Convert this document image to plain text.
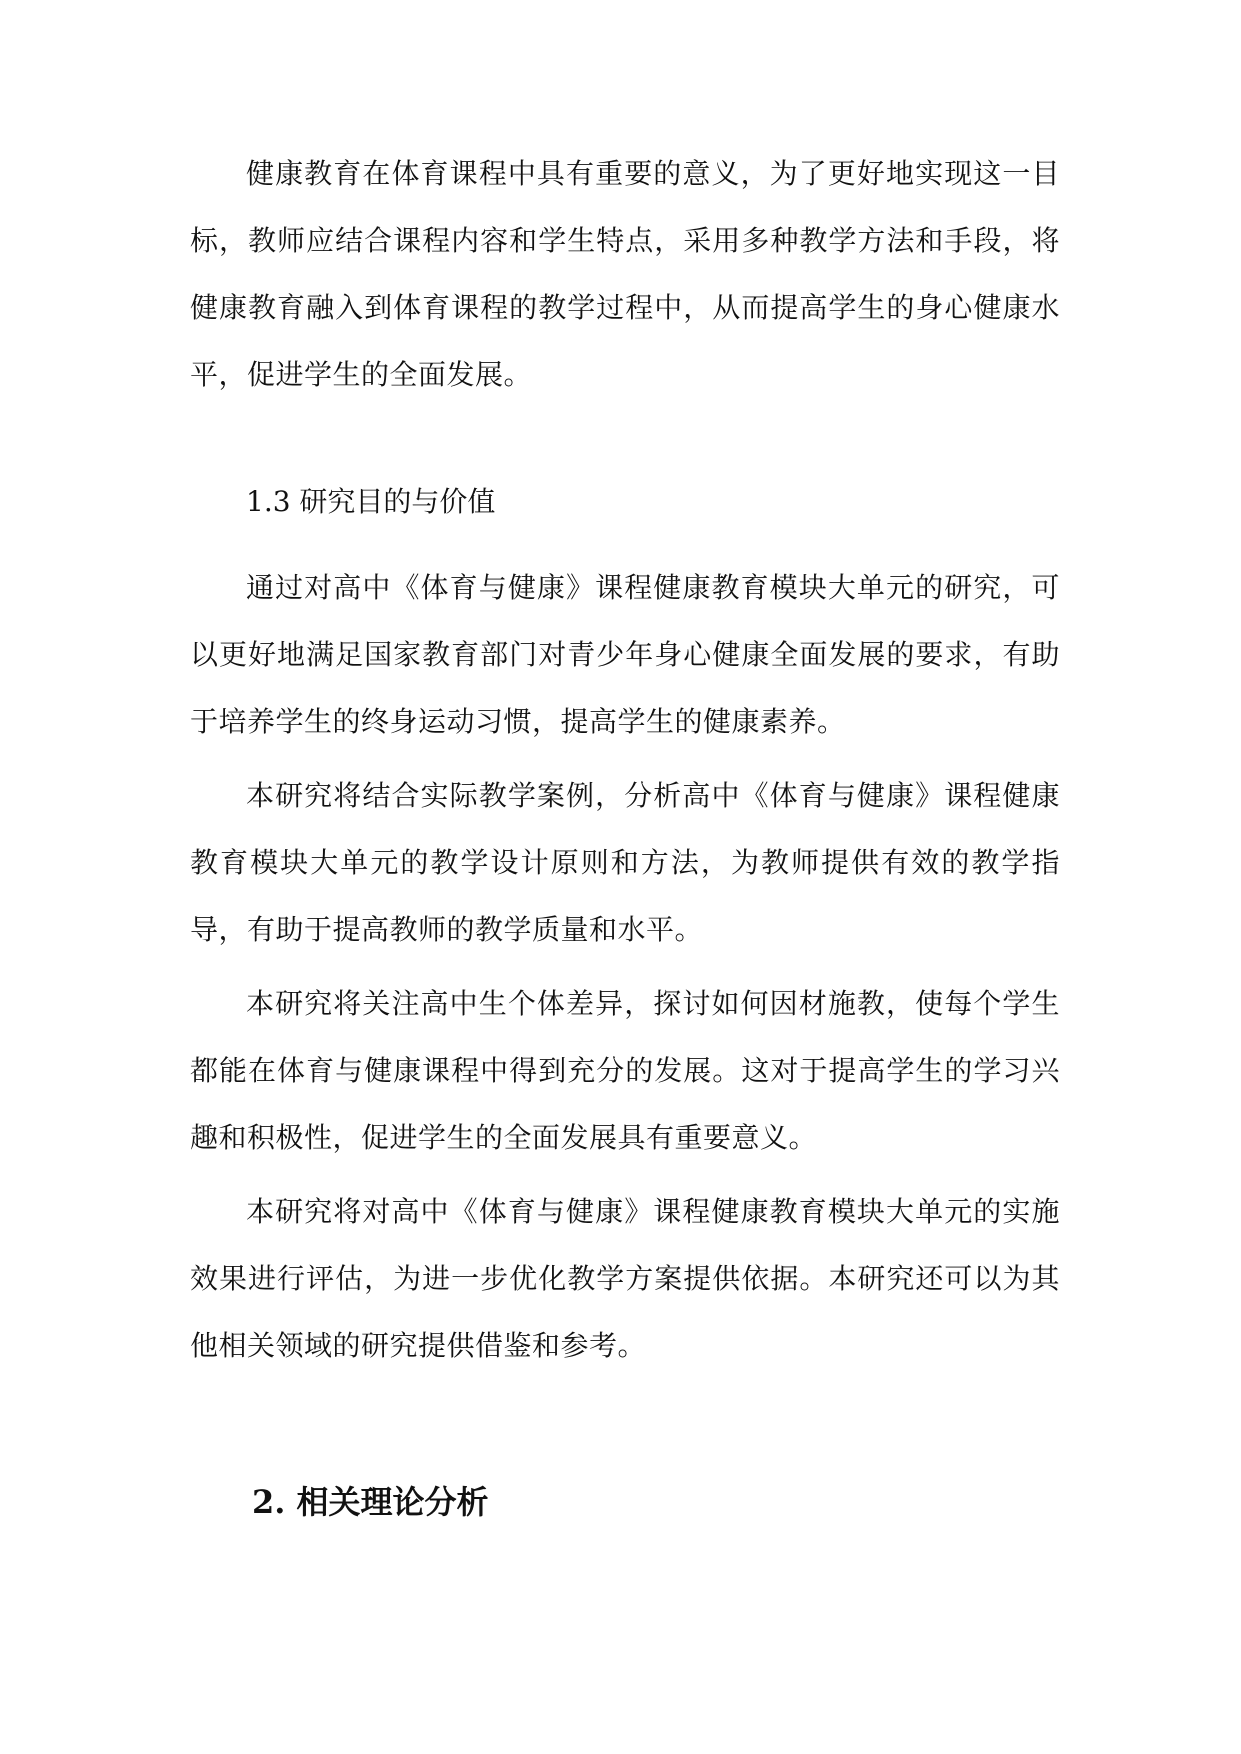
健康教育在体育课程中具有重要的意义，为了更好地实现这一目标，教师应结合课程内容和学生特点，采用多种教学方法和手段，将健康教育融入到体育课程的教学过程中，从而提高学生的身心健康水平，促进学生的全面发展。

1.3 研究目的与价值

通过对高中《体育与健康》课程健康教育模块大单元的研究，可以更好地满足国家教育部门对青少年身心健康全面发展的要求，有助于培养学生的终身运动习惯，提高学生的健康素养。

本研究将结合实际教学案例，分析高中《体育与健康》课程健康教育模块大单元的教学设计原则和方法，为教师提供有效的教学指导，有助于提高教师的教学质量和水平。

本研究将关注高中生个体差异，探讨如何因材施教，使每个学生都能在体育与健康课程中得到充分的发展。这对于提高学生的学习兴趣和积极性，促进学生的全面发展具有重要意义。

本研究将对高中《体育与健康》课程健康教育模块大单元的实施效果进行评估，为进一步优化教学方案提供依据。本研究还可以为其他相关领域的研究提供借鉴和参考。

2. 相关理论分析
